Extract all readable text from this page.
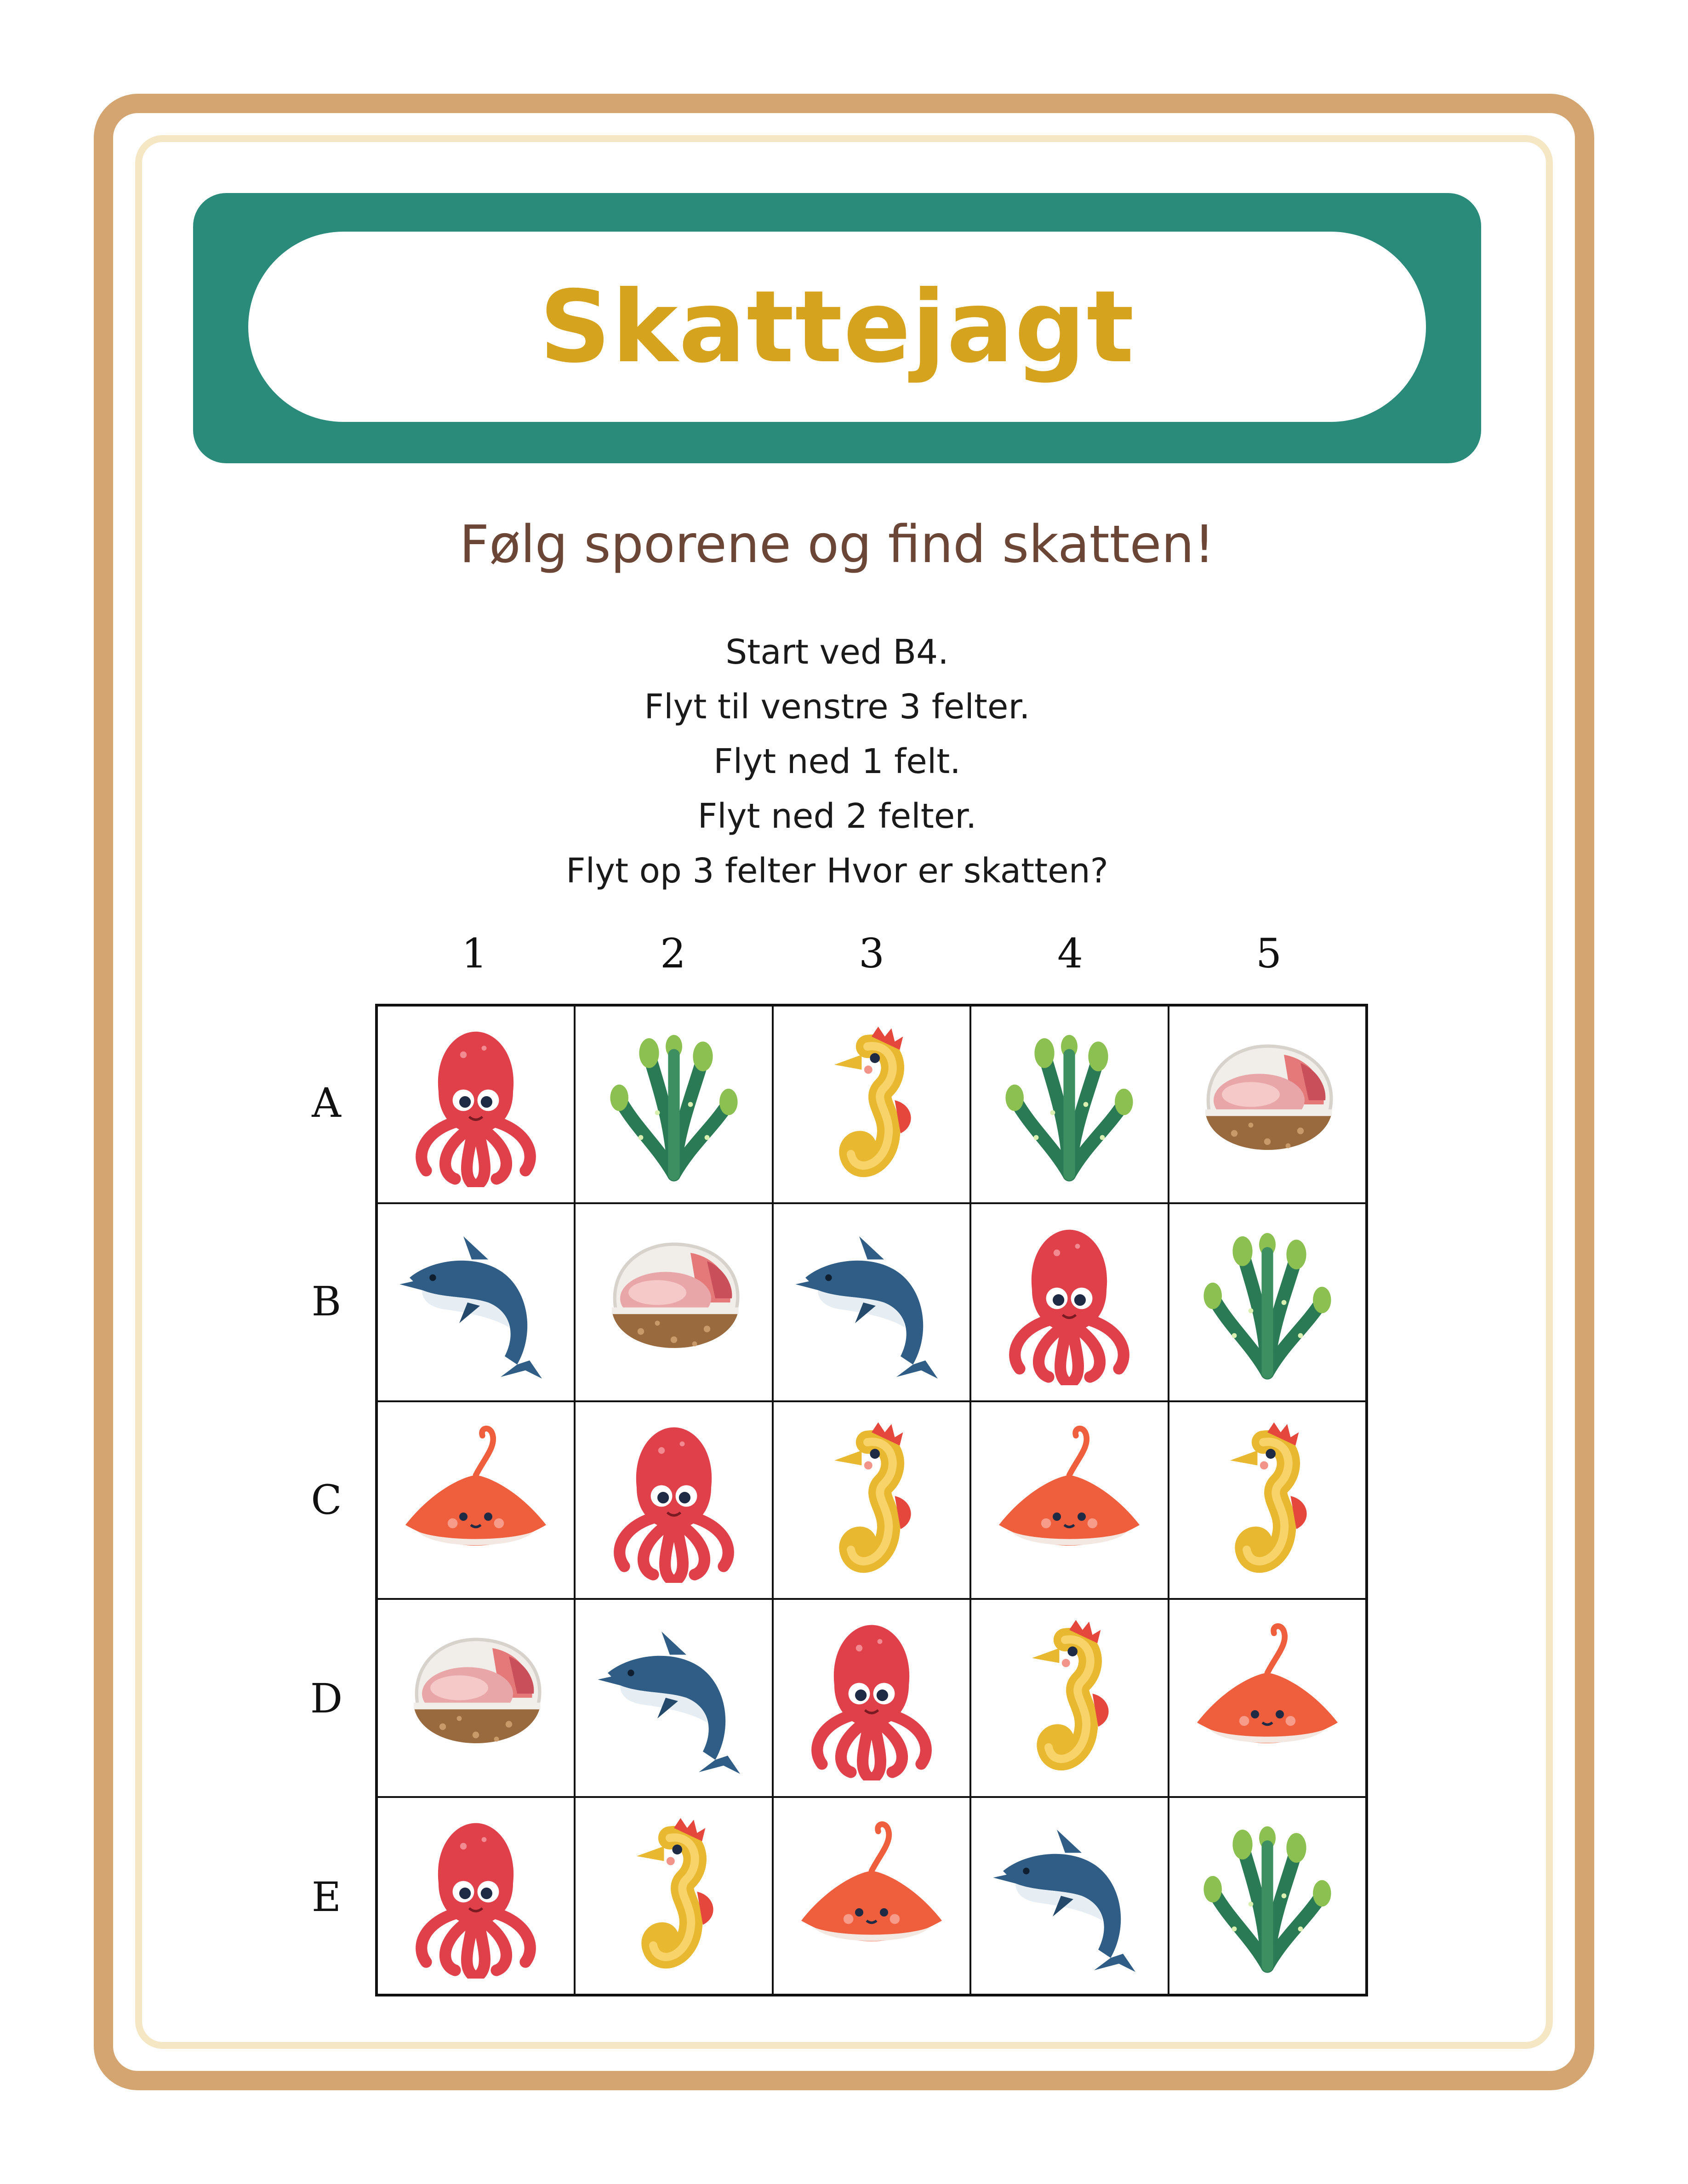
Skattejagt
Følg sporene og find skatten!
Start ved B4.
Flyt til venstre 3 felter.
Flyt ned 1 felt.
Flyt ned 2 felter.
Flyt op 3 felter Hvor er skatten?
1	2	3	4	5
A
B
C
D
E
